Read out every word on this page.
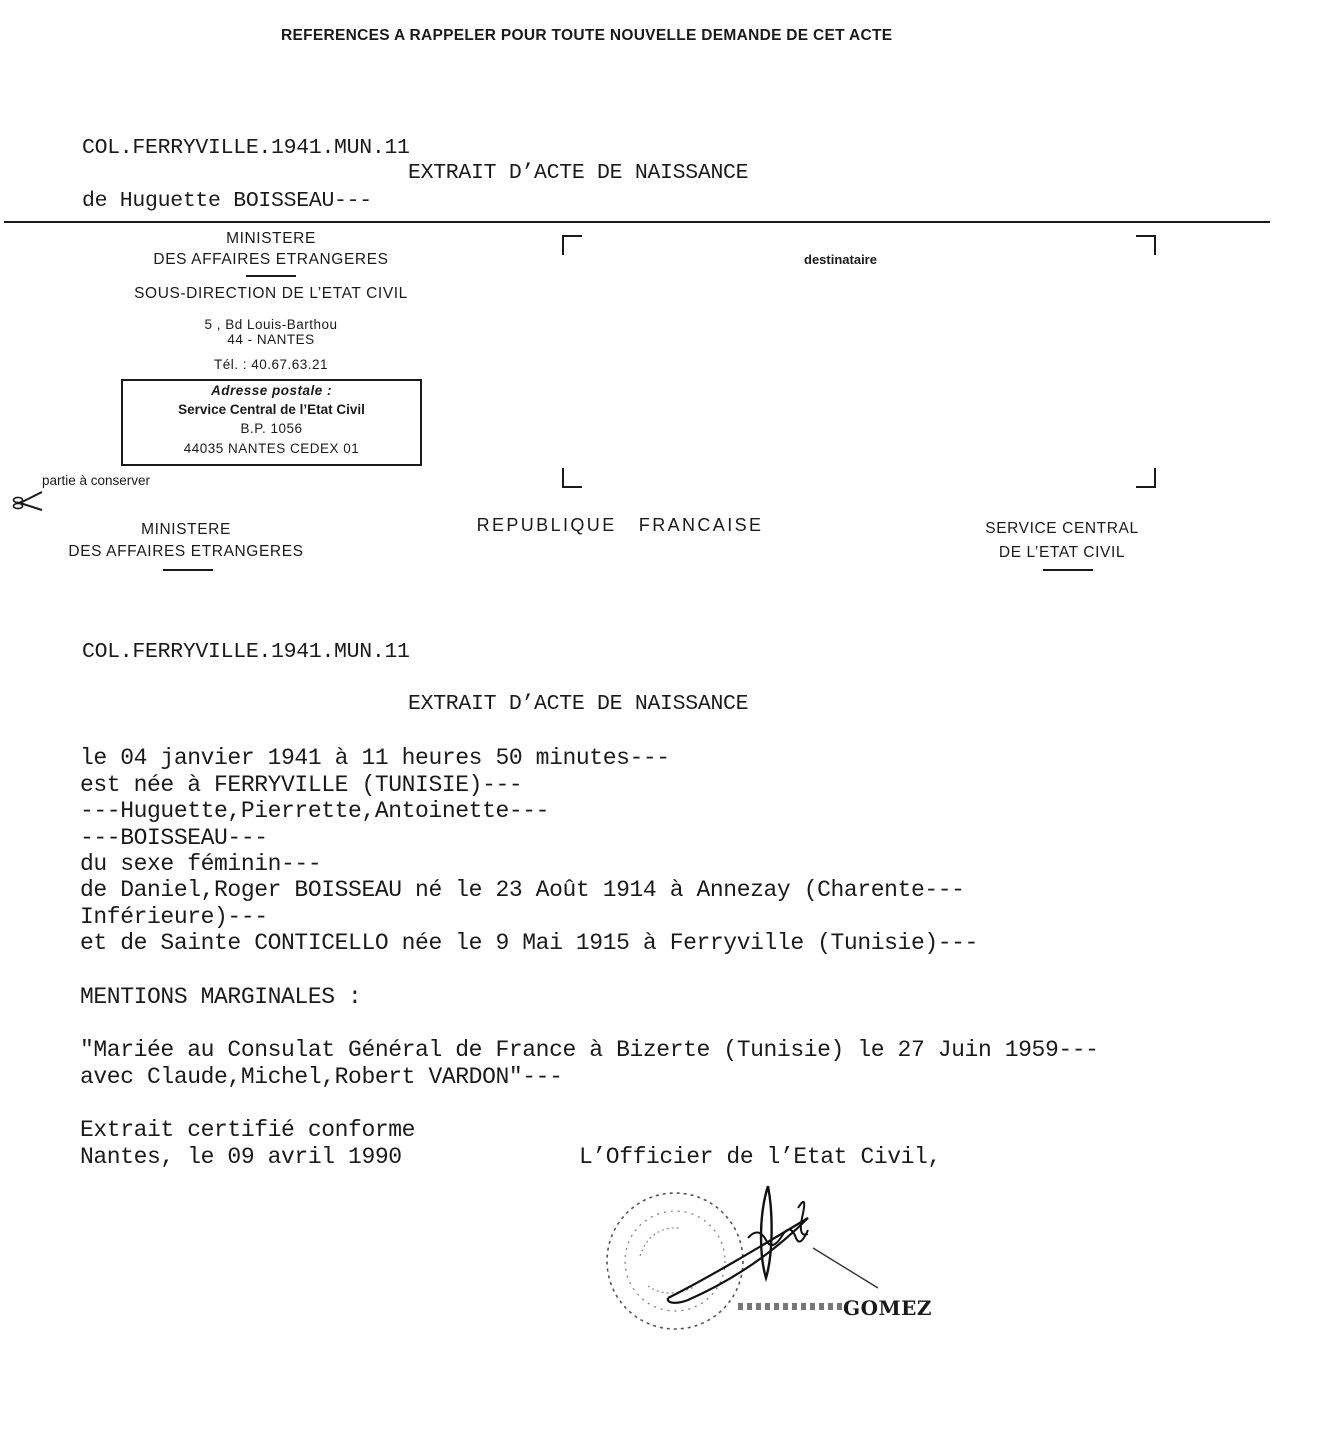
REFERENCES A RAPPELER POUR TOUTE NOUVELLE DEMANDE DE CET ACTE
COL.FERRYVILLE.1941.MUN.11
EXTRAIT D’ACTE DE NAISSANCE
de Huguette BOISSEAU---
MINISTERE
DES AFFAIRES ETRANGERES
SOUS-DIRECTION DE L’ETAT CIVIL
5 , Bd Louis-Barthou
44 - NANTES
Tél. : 40.67.63.21
Adresse postale :
Service Central de l’Etat Civil
B.P. 1056
44035 NANTES CEDEX 01
destinataire

partie à conserver
MINISTERE
DES AFFAIRES ETRANGERES
REPUBLIQUE   FRANCAISE	SERVICE CENTRAL
DE L’ETAT CIVIL
COL.FERRYVILLE.1941.MUN.11
EXTRAIT D’ACTE DE NAISSANCE
le 04 janvier 1941 à 11 heures 50 minutes---
est née à FERRYVILLE (TUNISIE)---
---Huguette,Pierrette,Antoinette---
---BOISSEAU---
du sexe féminin---
de Daniel,Roger BOISSEAU né le 23 Août 1914 à Annezay (Charente---
Inférieure)---
et de Sainte CONTICELLO née le 9 Mai 1915 à Ferryville (Tunisie)---
MENTIONS MARGINALES :
"Mariée au Consulat Général de France à Bizerte (Tunisie) le 27 Juin 1959---
avec Claude,Michel,Robert VARDON"---
Extrait certifié conforme
Nantes, le 09 avril 1990	L’Officier de l’Etat Civil,

GOMEZ
